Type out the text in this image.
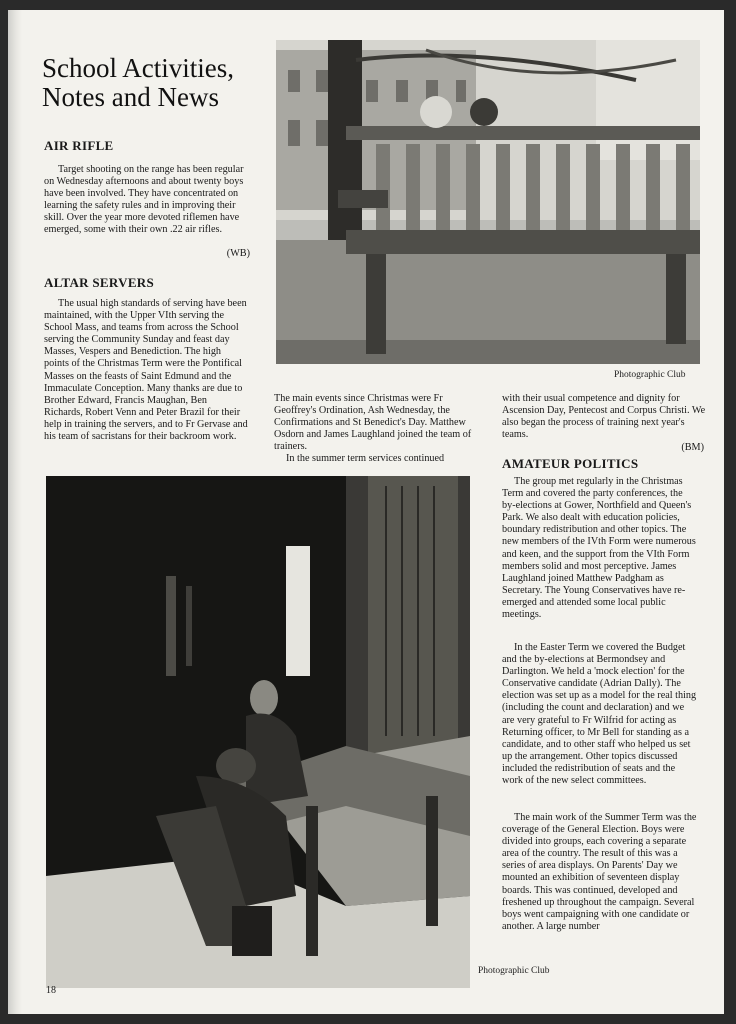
School Activities, Notes and News
AIR RIFLE

Target shooting on the range has been regular on Wednesday afternoons and about twenty boys have been involved. They have concentrated on learning the safety rules and in improving their skill. Over the year more devoted riflemen have emerged, some with their own .22 air rifles.

(WB)
ALTAR SERVERS

The usual high standards of serving have been maintained, with the Upper VIth serving the School Mass, and teams from across the School serving the Community Sunday and feast day Masses, Vespers and Benediction. The high points of the Christmas Term were the Pontifical Masses on the feasts of Saint Edmund and the Immaculate Conception. Many thanks are due to Brother Edward, Francis Maughan, Ben Richards, Robert Venn and Peter Brazil for their help in training the servers, and to Fr Gervase and his team of sacristans for their backroom work.

The main events since Christmas were Fr Geoffrey's Ordination, Ash Wednesday, the Confirmations and St Benedict's Day. Matthew Osdorn and James Laughland joined the team of trainers.

In the summer term services continued

with their usual competence and dignity for Ascension Day, Pentecost and Corpus Christi. We also began the process of training next year's teams.

(BM)
AMATEUR POLITICS

The group met regularly in the Christmas Term and covered the party conferences, the by-elections at Gower, Northfield and Queen's Park. We also dealt with education policies, boundary redistribution and other topics. The new members of the IVth Form were numerous and keen, and the support from the VIth Form members solid and most perceptive. James Laughland joined Matthew Padgham as Secretary. The Young Conservatives have re-emerged and attended some local public meetings.

In the Easter Term we covered the Budget and the by-elections at Bermondsey and Darlington. We held a 'mock election' for the Conservative candidate (Adrian Dally). The election was set up as a model for the real thing (including the count and declaration) and we are very grateful to Fr Wilfrid for acting as Returning officer, to Mr Bell for standing as a candidate, and to other staff who helped us set up the arrangement. Other topics discussed included the redistribution of seats and the work of the new select committees.

The main work of the Summer Term was the coverage of the General Election. Boys were divided into groups, each covering a separate area of the country. The result of this was a series of area displays. On Parents' Day we mounted an exhibition of seventeen display boards. This was continued, developed and freshened up throughout the campaign. Several boys went campaigning with one candidate or another. A large number

Photographic Club
Photographic Club
18
